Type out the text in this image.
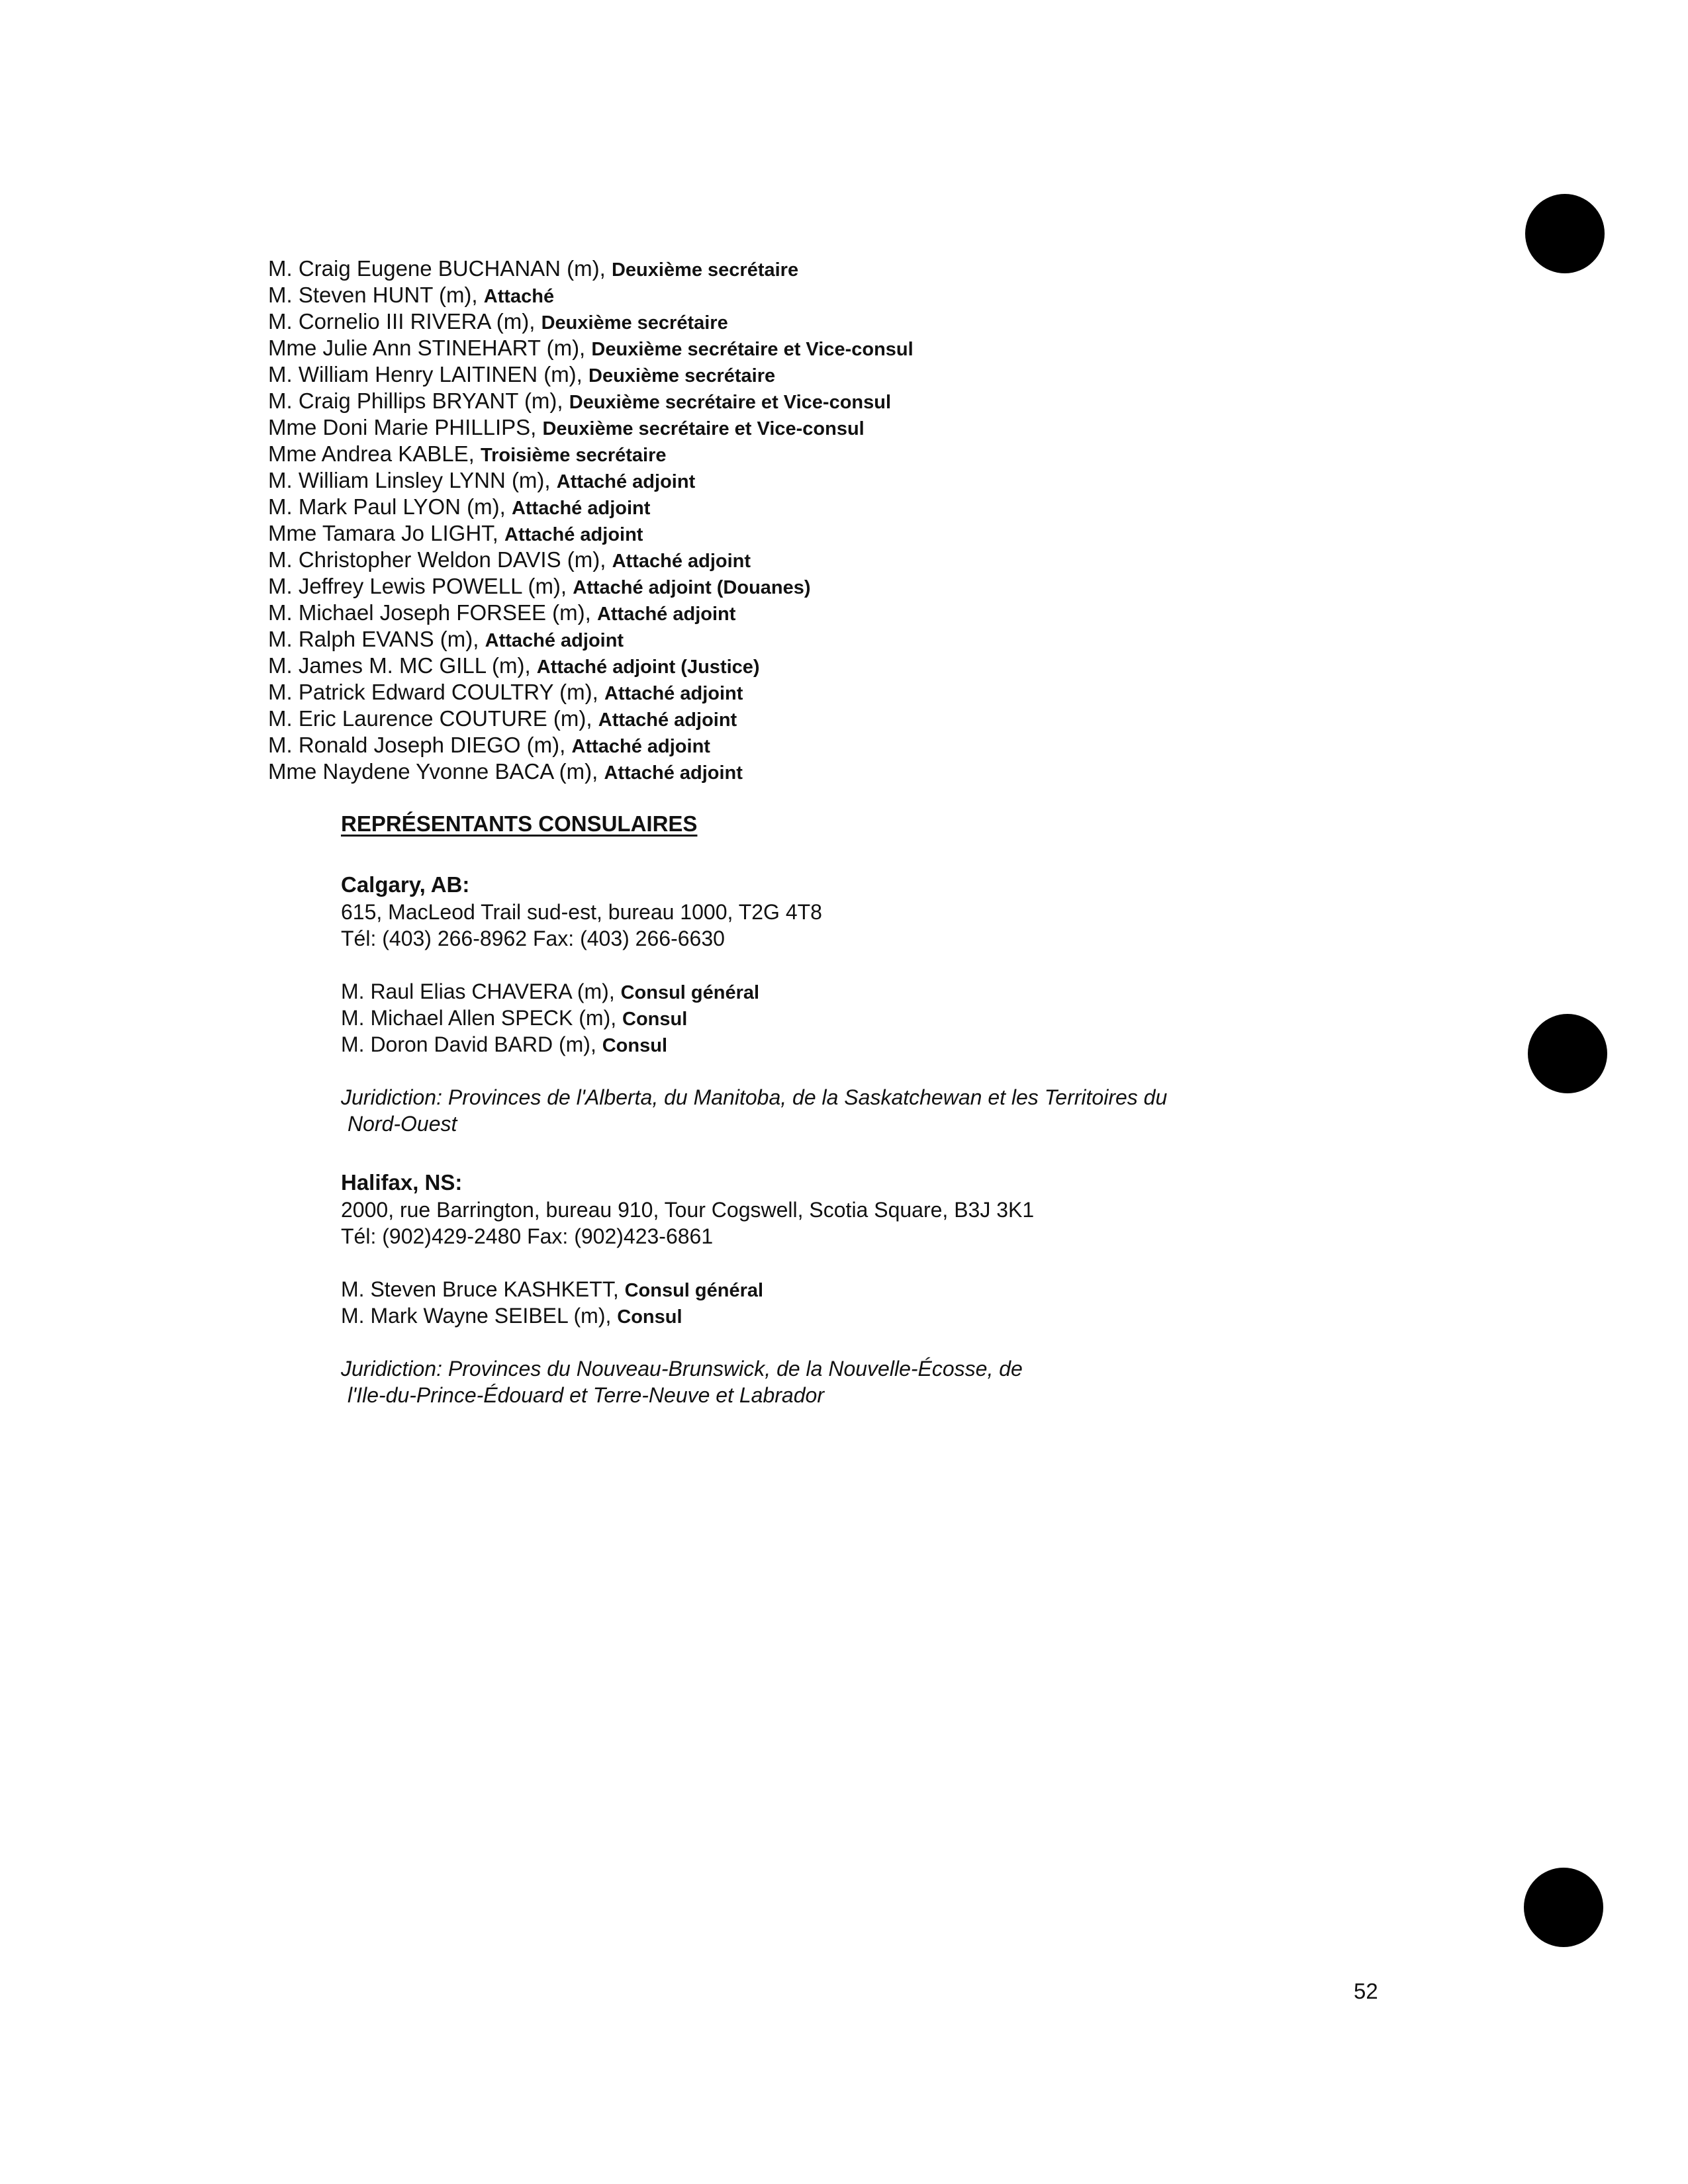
M. Craig Eugene BUCHANAN (m), Deuxième secrétaire
M. Steven HUNT (m), Attaché
M. Cornelio III RIVERA (m), Deuxième secrétaire
Mme Julie Ann STINEHART (m), Deuxième secrétaire et Vice-consul
M. William Henry LAITINEN (m), Deuxième secrétaire
M. Craig Phillips BRYANT (m), Deuxième secrétaire et Vice-consul
Mme Doni Marie PHILLIPS, Deuxième secrétaire et Vice-consul
Mme Andrea KABLE, Troisième secrétaire
M. William Linsley LYNN (m), Attaché adjoint
M. Mark Paul LYON (m), Attaché adjoint
Mme Tamara Jo LIGHT, Attaché adjoint
M. Christopher Weldon DAVIS (m), Attaché adjoint
M. Jeffrey Lewis POWELL (m), Attaché adjoint (Douanes)
M. Michael Joseph FORSEE (m), Attaché adjoint
M. Ralph EVANS (m), Attaché adjoint
M. James M. MC GILL (m), Attaché adjoint (Justice)
M. Patrick Edward COULTRY (m), Attaché adjoint
M. Eric Laurence COUTURE (m), Attaché adjoint
M. Ronald Joseph DIEGO (m), Attaché adjoint
Mme Naydene Yvonne BACA (m), Attaché adjoint
REPRÉSENTANTS CONSULAIRES
Calgary, AB:
615, MacLeod Trail sud-est, bureau 1000, T2G 4T8
Tél: (403) 266-8962 Fax: (403) 266-6630
M. Raul Elias CHAVERA (m), Consul général
M. Michael Allen SPECK (m), Consul
M. Doron David BARD (m), Consul
Juridiction: Provinces de l'Alberta, du Manitoba, de la Saskatchewan et les Territoires du
Nord-Ouest
Halifax, NS:
2000, rue Barrington, bureau 910, Tour Cogswell, Scotia Square, B3J 3K1
Tél: (902)429-2480 Fax: (902)423-6861
M. Steven Bruce KASHKETT, Consul général
M. Mark Wayne SEIBEL (m), Consul
Juridiction: Provinces du Nouveau-Brunswick, de la Nouvelle-Écosse, de
l'Ile-du-Prince-Édouard et Terre-Neuve et Labrador
52
